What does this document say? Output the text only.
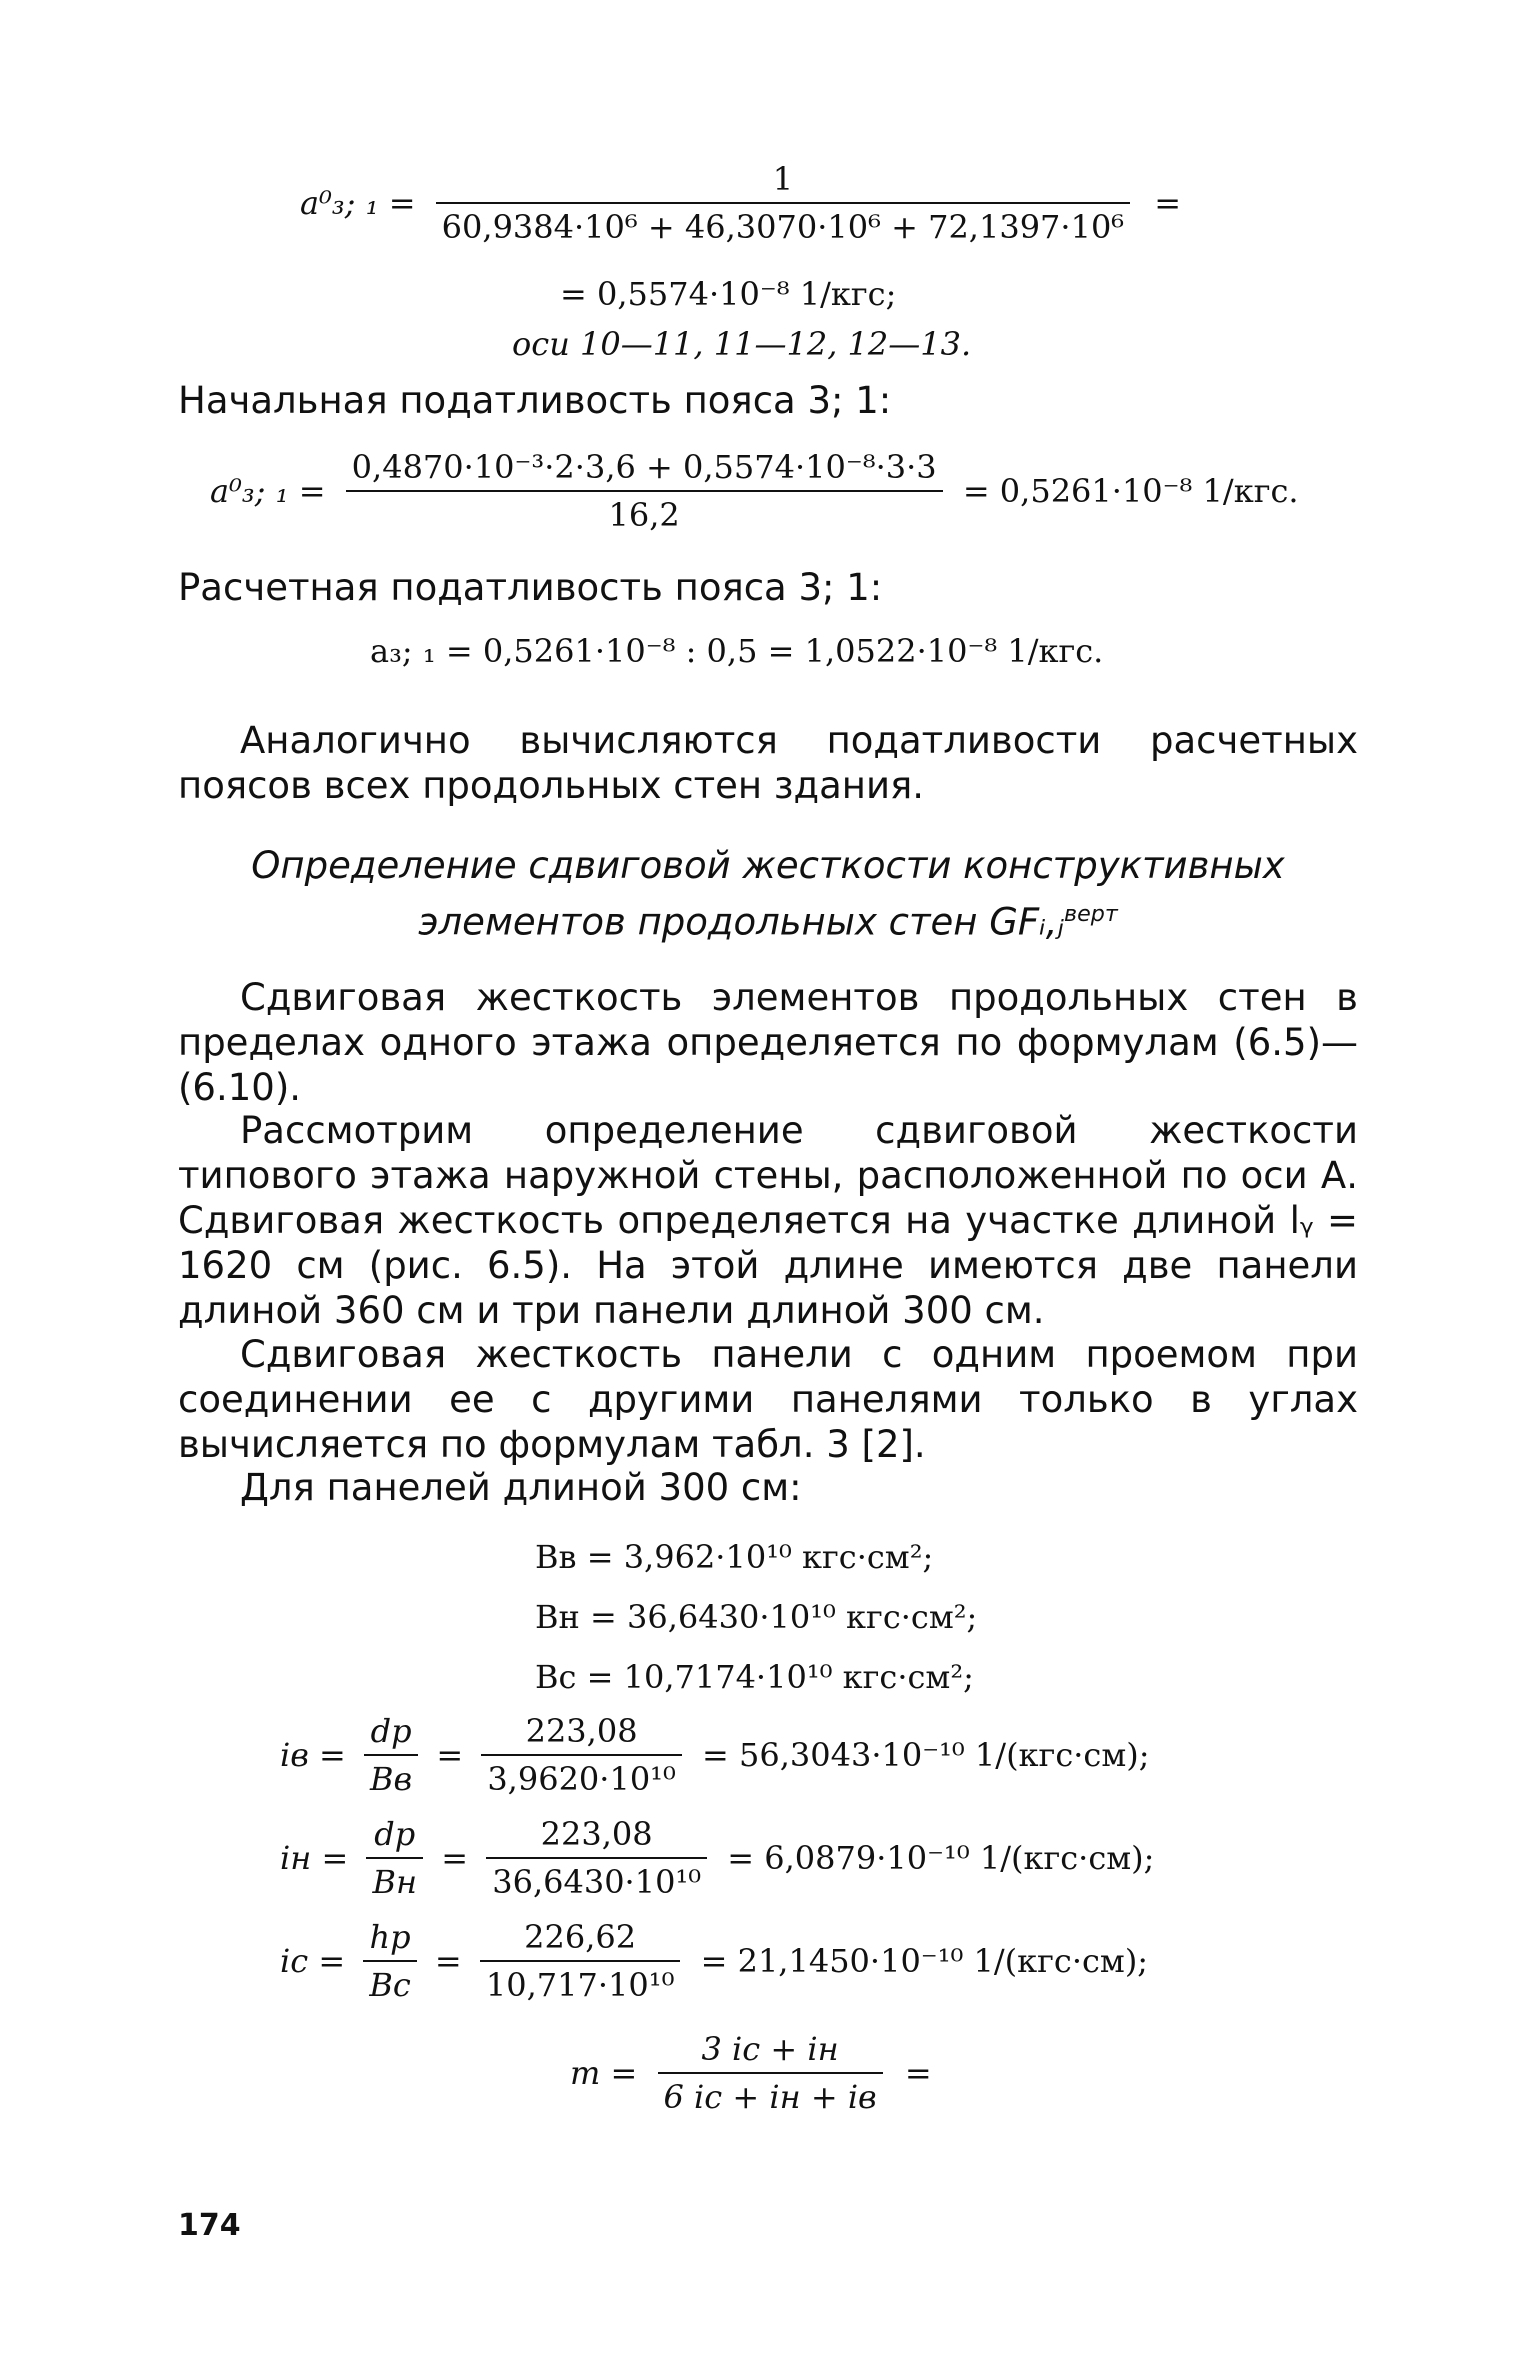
a⁰₃; $_1 = \frac{1}{\text{60,9384·10⁶ + 46,3070·10⁶ + 72,1397·10⁶}}$ =
= 0,5574·10⁻⁸ 1/кгс;
оси 10—11, 11—12, 12—13.
Начальная податливость пояса 3; 1:
a⁰₃; $_1 = \frac{\text{0,4870·10⁻³·2·3,6 + 0,5574·10⁻⁸·3·3}}{16,2} = 0,5261\cdot 10^{-8}$ 1/кгс.
Расчетная податливость пояса 3; 1:
a₃; ₁ = 0,5261·10⁻⁸ : 0,5 = 1,0522·10⁻⁸ 1/кгс.
Аналогично вычисляются податливости расчетных поясов всех продольных стен здания.
Определение сдвиговой жесткости конструктивных
элементов продольных стен GFᵢ,ⱼ$^{верт}$
Сдвиговая жесткость элементов продольных стен в пределах одного этажа определяется по формулам (6.5)—(6.10).
Рассмотрим определение сдвиговой жесткости типового этажа наружной стены, расположенной по оси А. Сдвиговая жесткость определяется на участке длиной lᵧ = 1620 см (рис. 6.5). На этой длине имеются две панели длиной 360 см и три панели длиной 300 см.
Сдвиговая жесткость панели с одним проемом при соединении ее с другими панелями только в углах вычисляется по формулам табл. 3 [2].
Для панелей длиной 300 см:
Bв = 3,962·10¹⁰ кгс·см²;
Bн = 36,6430·10¹⁰ кгс·см²;
Bс = 10,7174·10¹⁰ кгс·см²;
iв = $\frac{dр}{Bв} = \frac{223,08}{\text{3,9620·10¹⁰}} = 56,3043\cdot 10^{-10}$ 1/(кгс·см);
iн = $\frac{dр}{Bн} = \frac{223,08}{\text{36,6430·10¹⁰}} = 6,0879\cdot 10^{-10}$ 1/(кгс·см);
iс = $\frac{hр}{Bс} = \frac{226,62}{\text{10,717·10¹⁰}} = 21,1450\cdot 10^{-10}$ 1/(кгс·см);
$m = \frac{3 iс + iн}{6 iс + iн + iв}$ =
174
